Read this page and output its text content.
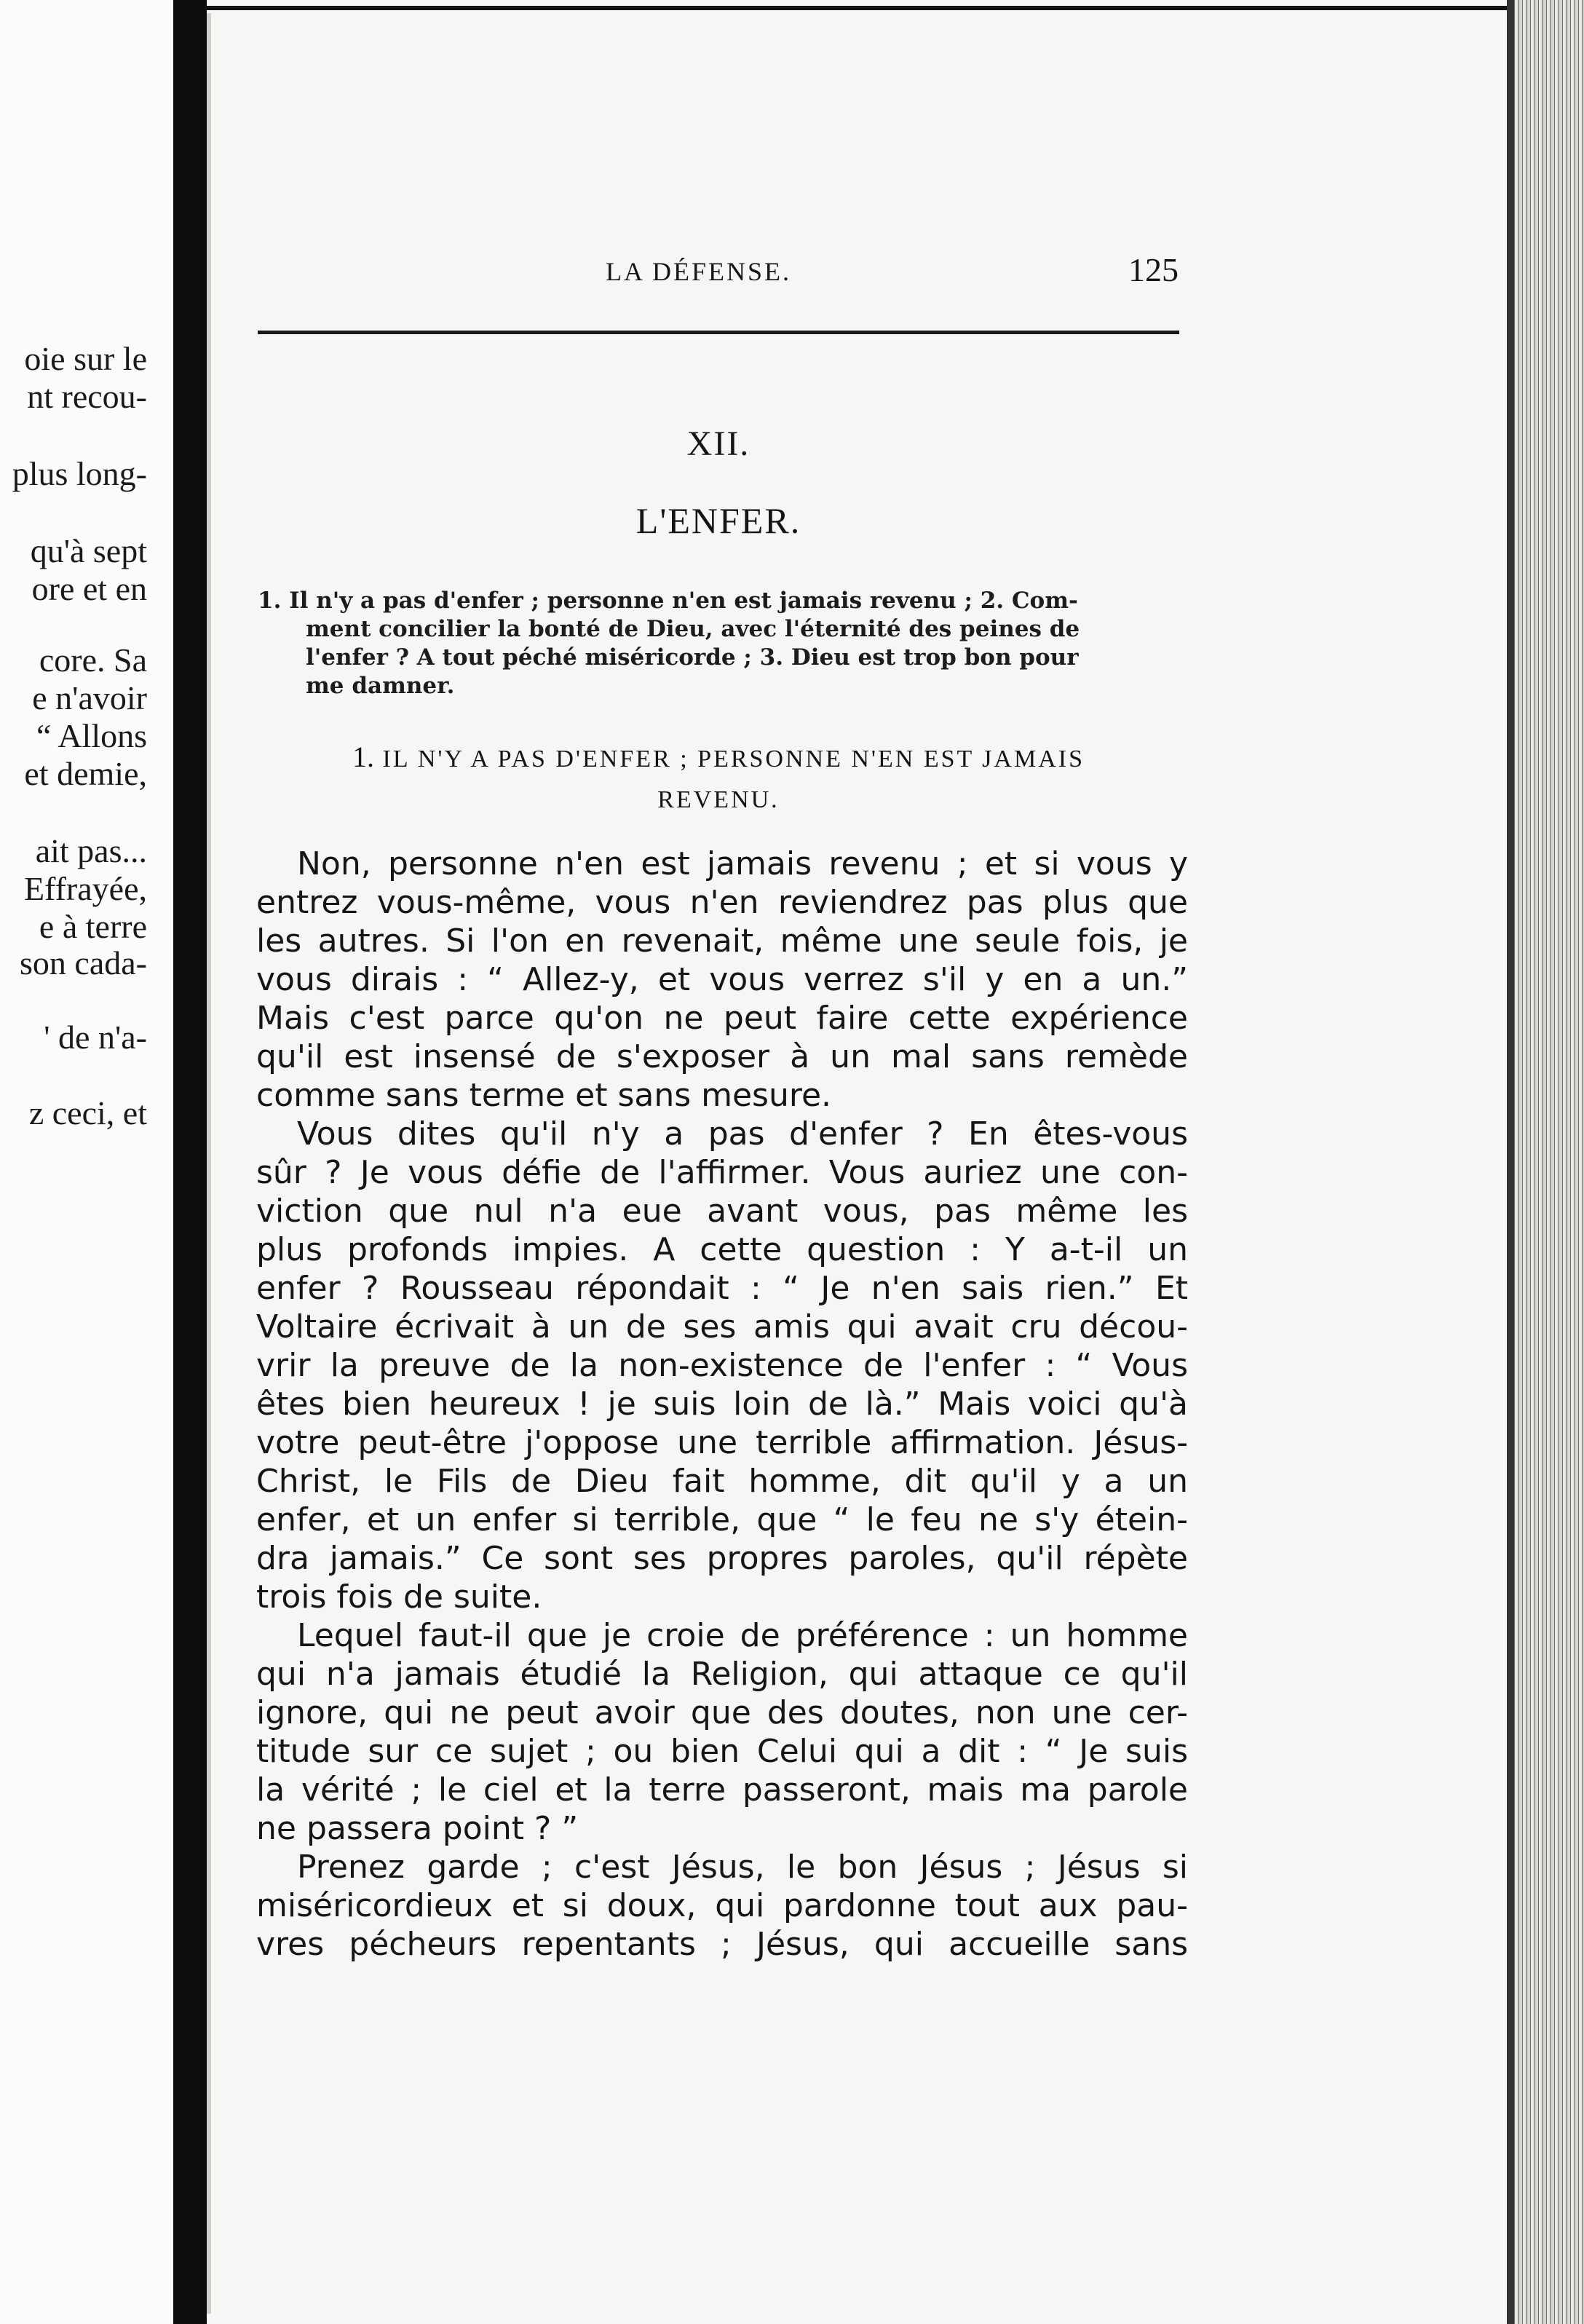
oie sur le
nt recou-
plus long-
qu'à sept
ore et en
core. Sa
e n'avoir
“ Allons
et demie,
ait pas...
Effrayée,
e à terre
son cada-
' de n'a-
z ceci, et
LA DÉFENSE.	125
XII.
L'ENFER.
1. Il n'y a pas d'enfer ; personne n'en est jamais revenu ; 2. Com-
ment concilier la bonté de Dieu, avec l'éternité des peines de
l'enfer ? A tout péché miséricorde ; 3. Dieu est trop bon pour
me damner.
1. IL N'Y A PAS D'ENFER ; PERSONNE N'EN EST JAMAIS
REVENU.
Non, personne n'en est jamais revenu ; et si vous y
entrez vous-même, vous n'en reviendrez pas plus que
les autres. Si l'on en revenait, même une seule fois, je
vous dirais : “ Allez-y, et vous verrez s'il y en a un.”
Mais c'est parce qu'on ne peut faire cette expérience
qu'il est insensé de s'exposer à un mal sans remède
comme sans terme et sans mesure.
Vous dites qu'il n'y a pas d'enfer ? En êtes-vous
sûr ? Je vous défie de l'affirmer. Vous auriez une con-
viction que nul n'a eue avant vous, pas même les
plus profonds impies. A cette question : Y a-t-il un
enfer ? Rousseau répondait : “ Je n'en sais rien.” Et
Voltaire écrivait à un de ses amis qui avait cru décou-
vrir la preuve de la non-existence de l'enfer : “ Vous
êtes bien heureux ! je suis loin de là.” Mais voici qu'à
votre peut-être j'oppose une terrible affirmation. Jésus-
Christ, le Fils de Dieu fait homme, dit qu'il y a un
enfer, et un enfer si terrible, que “ le feu ne s'y étein-
dra jamais.” Ce sont ses propres paroles, qu'il répète
trois fois de suite.
Lequel faut-il que je croie de préférence : un homme
qui n'a jamais étudié la Religion, qui attaque ce qu'il
ignore, qui ne peut avoir que des doutes, non une cer-
titude sur ce sujet ; ou bien Celui qui a dit : “ Je suis
la vérité ; le ciel et la terre passeront, mais ma parole
ne passera point ? ”
Prenez garde ; c'est Jésus, le bon Jésus ; Jésus si
miséricordieux et si doux, qui pardonne tout aux pau-
vres pécheurs repentants ; Jésus, qui accueille sans
